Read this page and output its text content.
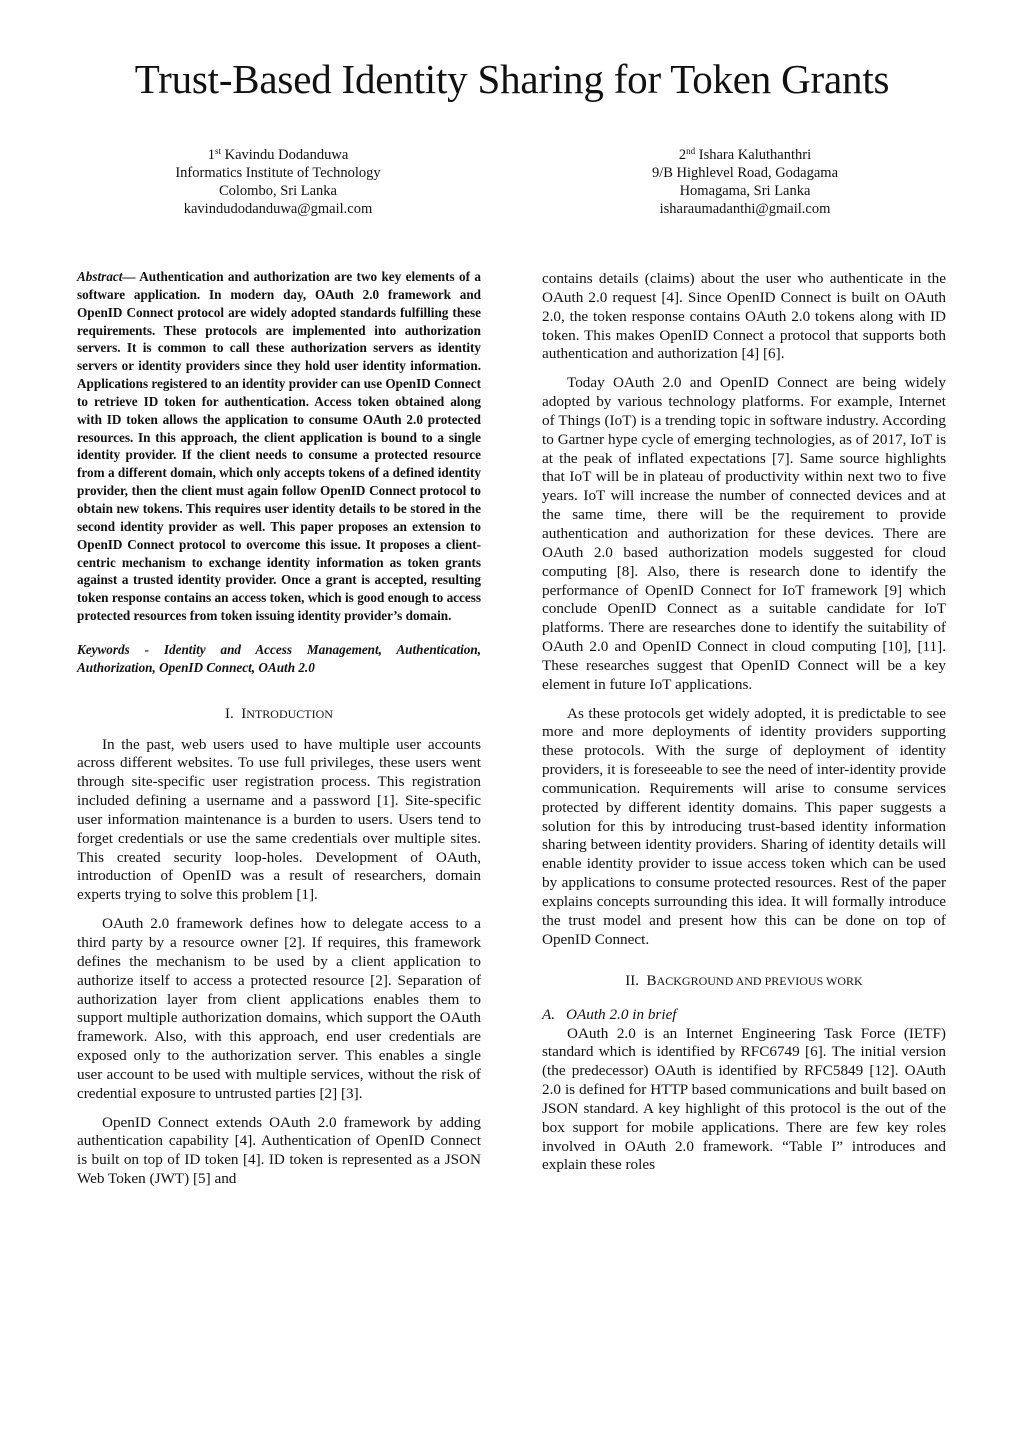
Trust-Based Identity Sharing for Token Grants
1st Kavindu Dodanduwa
Informatics Institute of Technology
Colombo, Sri Lanka
kavindudodanduwa@gmail.com
2nd Ishara Kaluthanthri
9/B Highlevel Road, Godagama
Homagama, Sri Lanka
isharaumadanthi@gmail.com

Abstract— Authentication and authorization are two key elements of a software application. In modern day, OAuth 2.0 framework and OpenID Connect protocol are widely adopted standards fulfilling these requirements. These protocols are implemented into authorization servers. It is common to call these authorization servers as identity servers or identity providers since they hold user identity information. Applications registered to an identity provider can use OpenID Connect to retrieve ID token for authentication. Access token obtained along with ID token allows the application to consume OAuth 2.0 protected resources. In this approach, the client application is bound to a single identity provider. If the client needs to consume a protected resource from a different domain, which only accepts tokens of a defined identity provider, then the client must again follow OpenID Connect protocol to obtain new tokens. This requires user identity details to be stored in the second identity provider as well. This paper proposes an extension to OpenID Connect protocol to overcome this issue. It proposes a client-centric mechanism to exchange identity information as token grants against a trusted identity provider. Once a grant is accepted, resulting token response contains an access token, which is good enough to access protected resources from token issuing identity provider’s domain.

Keywords - Identity and Access Management, Authentication, Authorization, OpenID Connect, OAuth 2.0

I. INTRODUCTION

In the past, web users used to have multiple user accounts across different websites. To use full privileges, these users went through site-specific user registration process. This registration included defining a username and a password [1]. Site-specific user information maintenance is a burden to users. Users tend to forget credentials or use the same credentials over multiple sites. This created security loop-holes. Development of OAuth, introduction of OpenID was a result of researchers, domain experts trying to solve this problem [1].

OAuth 2.0 framework defines how to delegate access to a third party by a resource owner [2]. If requires, this framework defines the mechanism to be used by a client application to authorize itself to access a protected resource [2]. Separation of authorization layer from client applications enables them to support multiple authorization domains, which support the OAuth framework. Also, with this approach, end user credentials are exposed only to the authorization server. This enables a single user account to be used with multiple services, without the risk of credential exposure to untrusted parties [2] [3].

OpenID Connect extends OAuth 2.0 framework by adding authentication capability [4]. Authentication of OpenID Connect is built on top of ID token [4]. ID token is represented as a JSON Web Token (JWT) [5] and

contains details (claims) about the user who authenticate in the OAuth 2.0 request [4]. Since OpenID Connect is built on OAuth 2.0, the token response contains OAuth 2.0 tokens along with ID token. This makes OpenID Connect a protocol that supports both authentication and authorization [4] [6].

Today OAuth 2.0 and OpenID Connect are being widely adopted by various technology platforms. For example, Internet of Things (IoT) is a trending topic in software industry. According to Gartner hype cycle of emerging technologies, as of 2017, IoT is at the peak of inflated expectations [7]. Same source highlights that IoT will be in plateau of productivity within next two to five years. IoT will increase the number of connected devices and at the same time, there will be the requirement to provide authentication and authorization for these devices. There are OAuth 2.0 based authorization models suggested for cloud computing [8]. Also, there is research done to identify the performance of OpenID Connect for IoT framework [9] which conclude OpenID Connect as a suitable candidate for IoT platforms. There are researches done to identify the suitability of OAuth 2.0 and OpenID Connect in cloud computing [10], [11]. These researches suggest that OpenID Connect will be a key element in future IoT applications.

As these protocols get widely adopted, it is predictable to see more and more deployments of identity providers supporting these protocols. With the surge of deployment of identity providers, it is foreseeable to see the need of inter-identity provide communication. Requirements will arise to consume services protected by different identity domains. This paper suggests a solution for this by introducing trust-based identity information sharing between identity providers. Sharing of identity details will enable identity provider to issue access token which can be used by applications to consume protected resources. Rest of the paper explains concepts surrounding this idea. It will formally introduce the trust model and present how this can be done on top of OpenID Connect.

II. BACKGROUND AND PREVIOUS WORK
A. OAuth 2.0 in brief

OAuth 2.0 is an Internet Engineering Task Force (IETF) standard which is identified by RFC6749 [6]. The initial version (the predecessor) OAuth is identified by RFC5849 [12]. OAuth 2.0 is defined for HTTP based communications and built based on JSON standard. A key highlight of this protocol is the out of the box support for mobile applications. There are few key roles involved in OAuth 2.0 framework. “Table I” introduces and explain these roles
